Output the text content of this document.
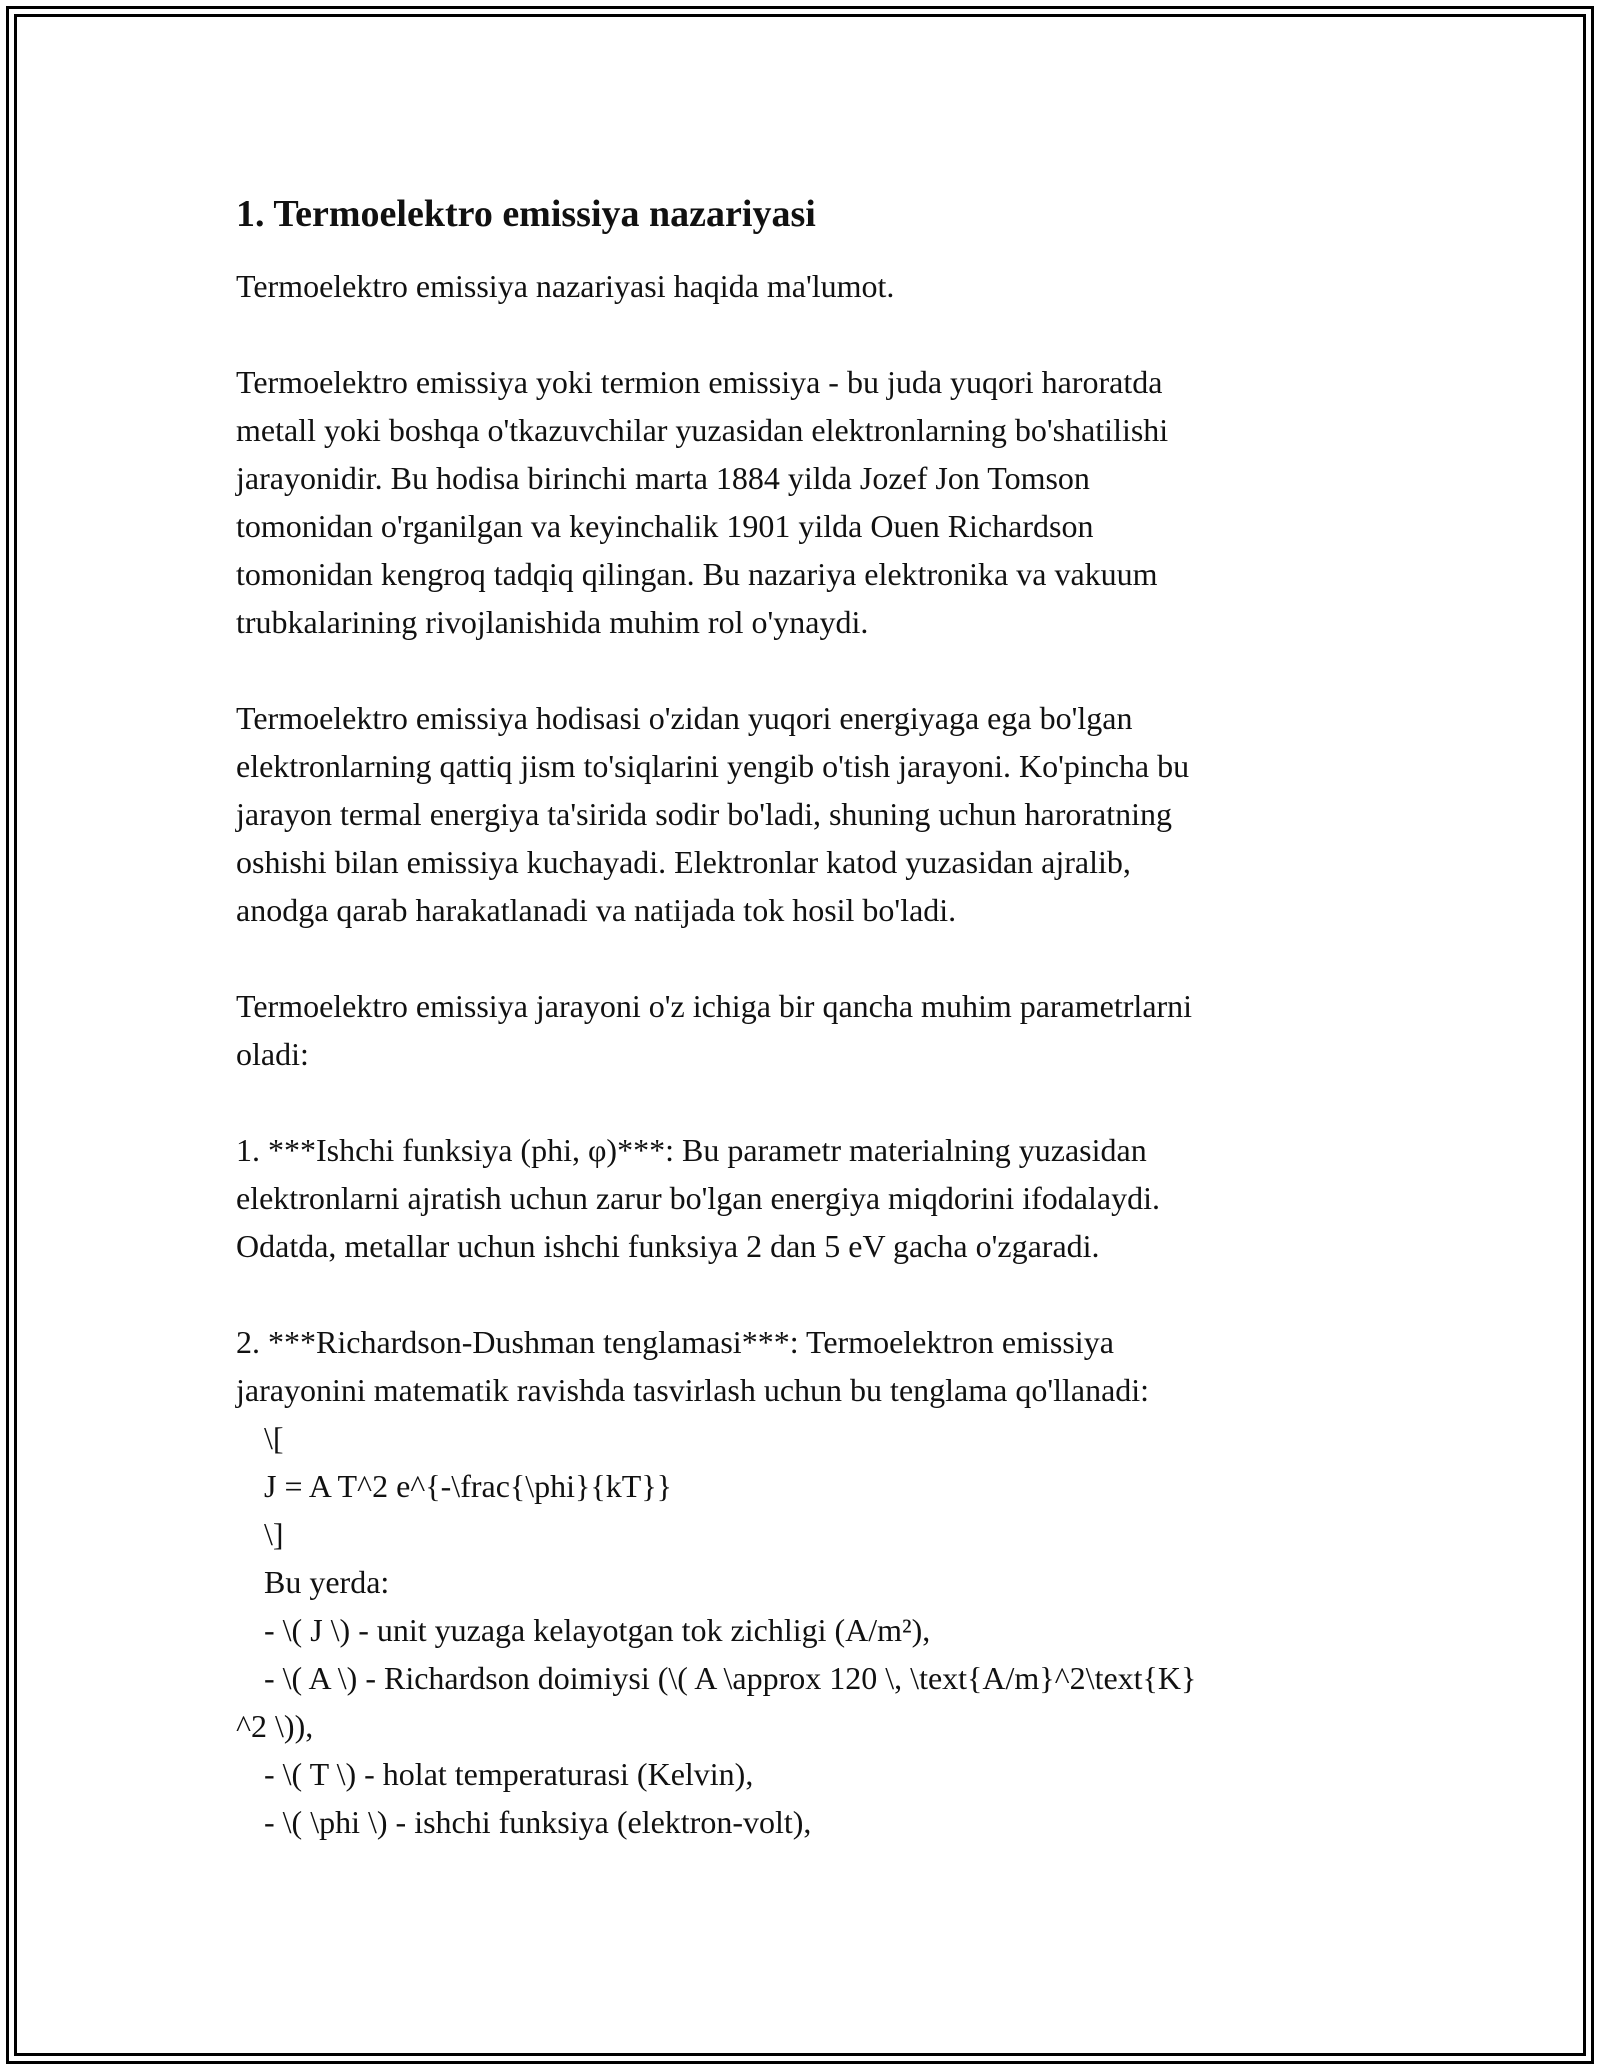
1. Termoelektro emissiya nazariyasi

Termoelektro emissiya nazariyasi haqida ma'lumot.

Termoelektro emissiya yoki termion emissiya - bu juda yuqori haroratda

metall yoki boshqa o'tkazuvchilar yuzasidan elektronlarning bo'shatilishi

jarayonidir. Bu hodisa birinchi marta 1884 yilda Jozef Jon Tomson

tomonidan o'rganilgan va keyinchalik 1901 yilda Ouen Richardson

tomonidan kengroq tadqiq qilingan. Bu nazariya elektronika va vakuum

trubkalarining rivojlanishida muhim rol o'ynaydi.

Termoelektro emissiya hodisasi o'zidan yuqori energiyaga ega bo'lgan

elektronlarning qattiq jism to'siqlarini yengib o'tish jarayoni. Ko'pincha bu

jarayon termal energiya ta'sirida sodir bo'ladi, shuning uchun haroratning

oshishi bilan emissiya kuchayadi. Elektronlar katod yuzasidan ajralib,

anodga qarab harakatlanadi va natijada tok hosil bo'ladi.

Termoelektro emissiya jarayoni o'z ichiga bir qancha muhim parametrlarni

oladi:

1. ***Ishchi funksiya (phi, φ)***: Bu parametr materialning yuzasidan

elektronlarni ajratish uchun zarur bo'lgan energiya miqdorini ifodalaydi.

Odatda, metallar uchun ishchi funksiya 2 dan 5 eV gacha o'zgaradi.

2. ***Richardson-Dushman tenglamasi***: Termoelektron emissiya

jarayonini matematik ravishda tasvirlash uchun bu tenglama qo'llanadi:

\[

J = A T^2 e^{-\frac{\phi}{kT}}

\]

Bu yerda:

- \( J \) - unit yuzaga kelayotgan tok zichligi (A/m²),

- \( A \) - Richardson doimiysi (\( A \approx 120 \, \text{A/m}^2\text{K}

^2 \)),

- \( T \) - holat temperaturasi (Kelvin),

- \( \phi \) - ishchi funksiya (elektron-volt),
